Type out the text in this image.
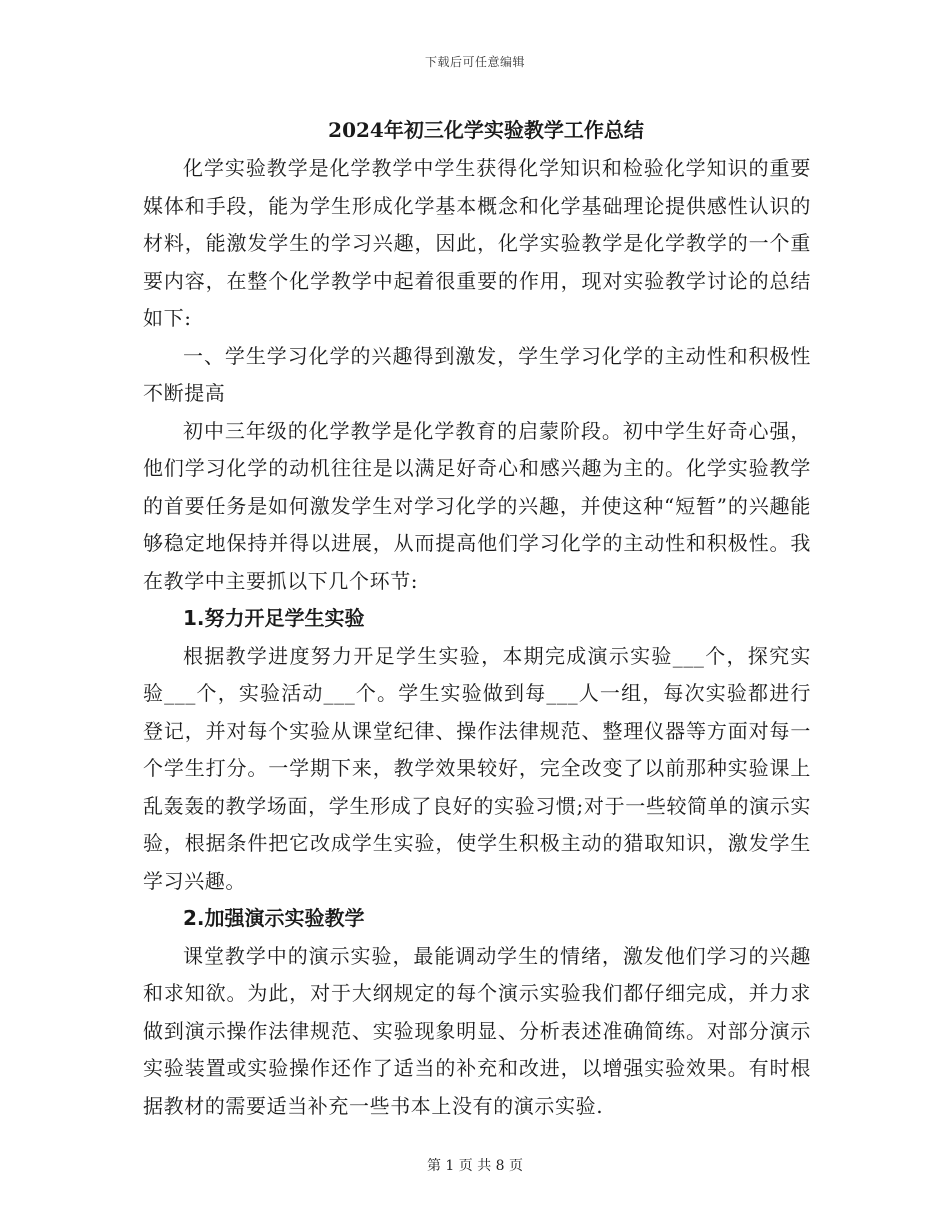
下载后可任意编辑
2024年初三化学实验教学工作总结

化学实验教学是化学教学中学生获得化学知识和检验化学知识的重要媒体和手段，能为学生形成化学基本概念和化学基础理论提供感性认识的材料，能激发学生的学习兴趣，因此，化学实验教学是化学教学的一个重要内容，在整个化学教学中起着很重要的作用，现对实验教学讨论的总结如下:

一、学生学习化学的兴趣得到激发，学生学习化学的主动性和积极性不断提高

初中三年级的化学教学是化学教育的启蒙阶段。初中学生好奇心强，他们学习化学的动机往往是以满足好奇心和感兴趣为主的。化学实验教学的首要任务是如何激发学生对学习化学的兴趣，并使这种“短暂”的兴趣能够稳定地保持并得以进展，从而提高他们学习化学的主动性和积极性。我在教学中主要抓以下几个环节:

1.努力开足学生实验

根据教学进度努力开足学生实验，本期完成演示实验___个，探究实验___个，实验活动___个。学生实验做到每___人一组，每次实验都进行登记，并对每个实验从课堂纪律、操作法律规范、整理仪器等方面对每一个学生打分。一学期下来，教学效果较好，完全改变了以前那种实验课上乱轰轰的教学场面，学生形成了良好的实验习惯;对于一些较简单的演示实验，根据条件把它改成学生实验，使学生积极主动的猎取知识，激发学生学习兴趣。

2.加强演示实验教学

课堂教学中的演示实验，最能调动学生的情绪，激发他们学习的兴趣和求知欲。为此，对于大纲规定的每个演示实验我们都仔细完成，并力求做到演示操作法律规范、实验现象明显、分析表述准确简练。对部分演示实验装置或实验操作还作了适当的补充和改进，以增强实验效果。有时根据教材的需要适当补充一些书本上没有的演示实验.

第 1 页 共 8 页
